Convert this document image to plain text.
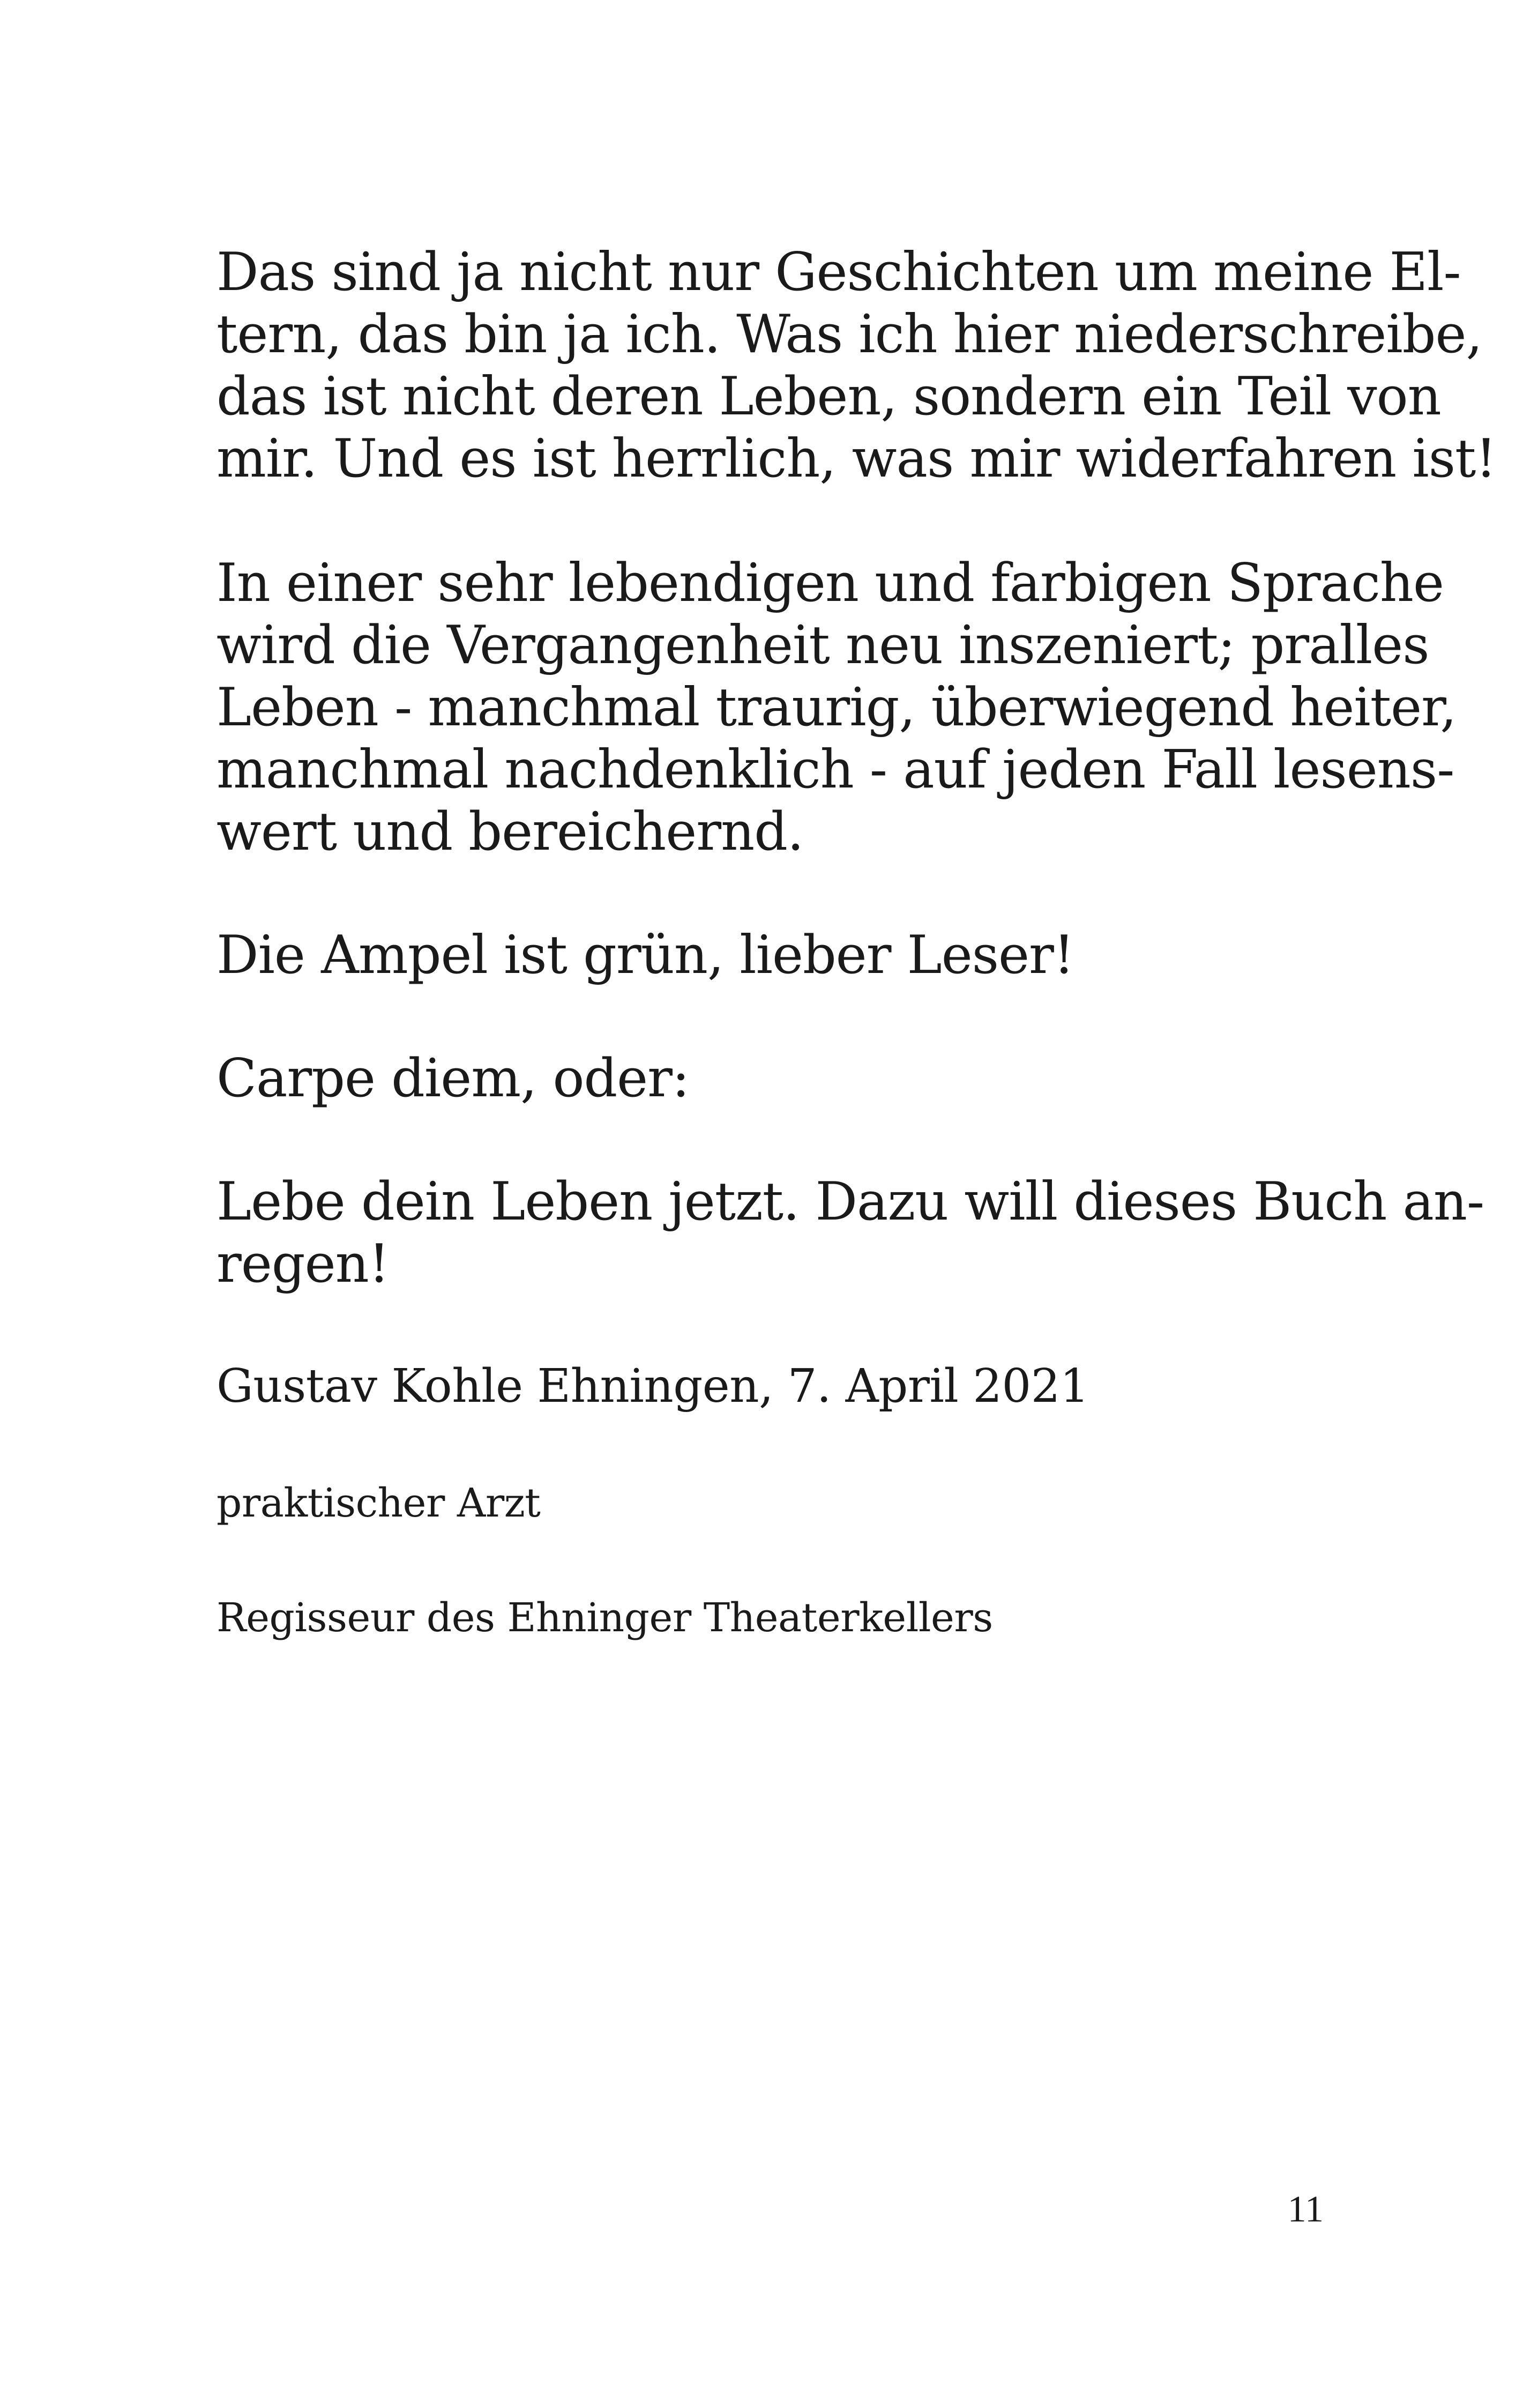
Das sind ja nicht nur Geschichten um meine El-

tern, das bin ja ich. Was ich hier niederschreibe,

das ist nicht deren Leben, sondern ein Teil von

mir. Und es ist herrlich, was mir widerfahren ist!

In einer sehr lebendigen und farbigen Sprache

wird die Vergangenheit neu inszeniert; pralles

Leben - manchmal traurig, überwiegend heiter,

manchmal nachdenklich - auf jeden Fall lesens-

wert und bereichernd.

Die Ampel ist grün, lieber Leser!

Carpe diem, oder:

Lebe dein Leben jetzt. Dazu will dieses Buch an-

regen!

Gustav Kohle Ehningen, 7. April 2021

praktischer Arzt

Regisseur des Ehninger Theaterkellers

11
